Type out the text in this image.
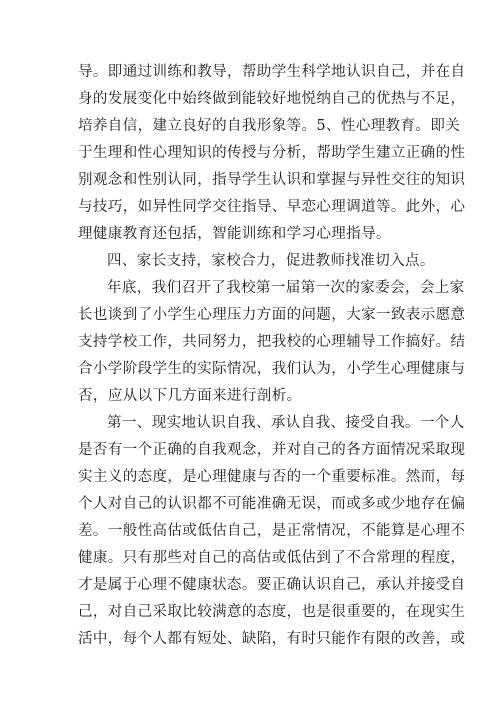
导。即通过训练和教导，帮助学生科学地认识自己，并在自
身的发展变化中始终做到能较好地悦纳自己的优热与不足，
培养自信，建立良好的自我形象等。5、性心理教育。即关
于生理和性心理知识的传授与分析，帮助学生建立正确的性
别观念和性别认同，指导学生认识和掌握与异性交往的知识
与技巧，如异性同学交往指导、早恋心理调道等。此外，心
理健康教育还包括，智能训练和学习心理指导。
四、家长支持，家校合力，促进教师找准切入点。
年底，我们召开了我校第一届第一次的家委会，会上家
长也谈到了小学生心理压力方面的问题，大家一致表示愿意
支持学校工作，共同努力，把我校的心理辅导工作搞好。结
合小学阶段学生的实际情况，我们认为，小学生心理健康与
否，应从以下几方面来进行剖析。
第一、现实地认识自我、承认自我、接受自我。一个人
是否有一个正确的自我观念，并对自己的各方面情况采取现
实主义的态度，是心理健康与否的一个重要标准。然而，每
个人对自己的认识都不可能准确无误，而或多或少地存在偏
差。一般性高估或低估自己，是正常情况，不能算是心理不
健康。只有那些对自己的高估或低估到了不合常理的程度，
才是属于心理不健康状态。要正确认识自己，承认并接受自
己，对自己采取比较满意的态度，也是很重要的，在现实生
活中，每个人都有短处、缺陷，有时只能作有限的改善，或
